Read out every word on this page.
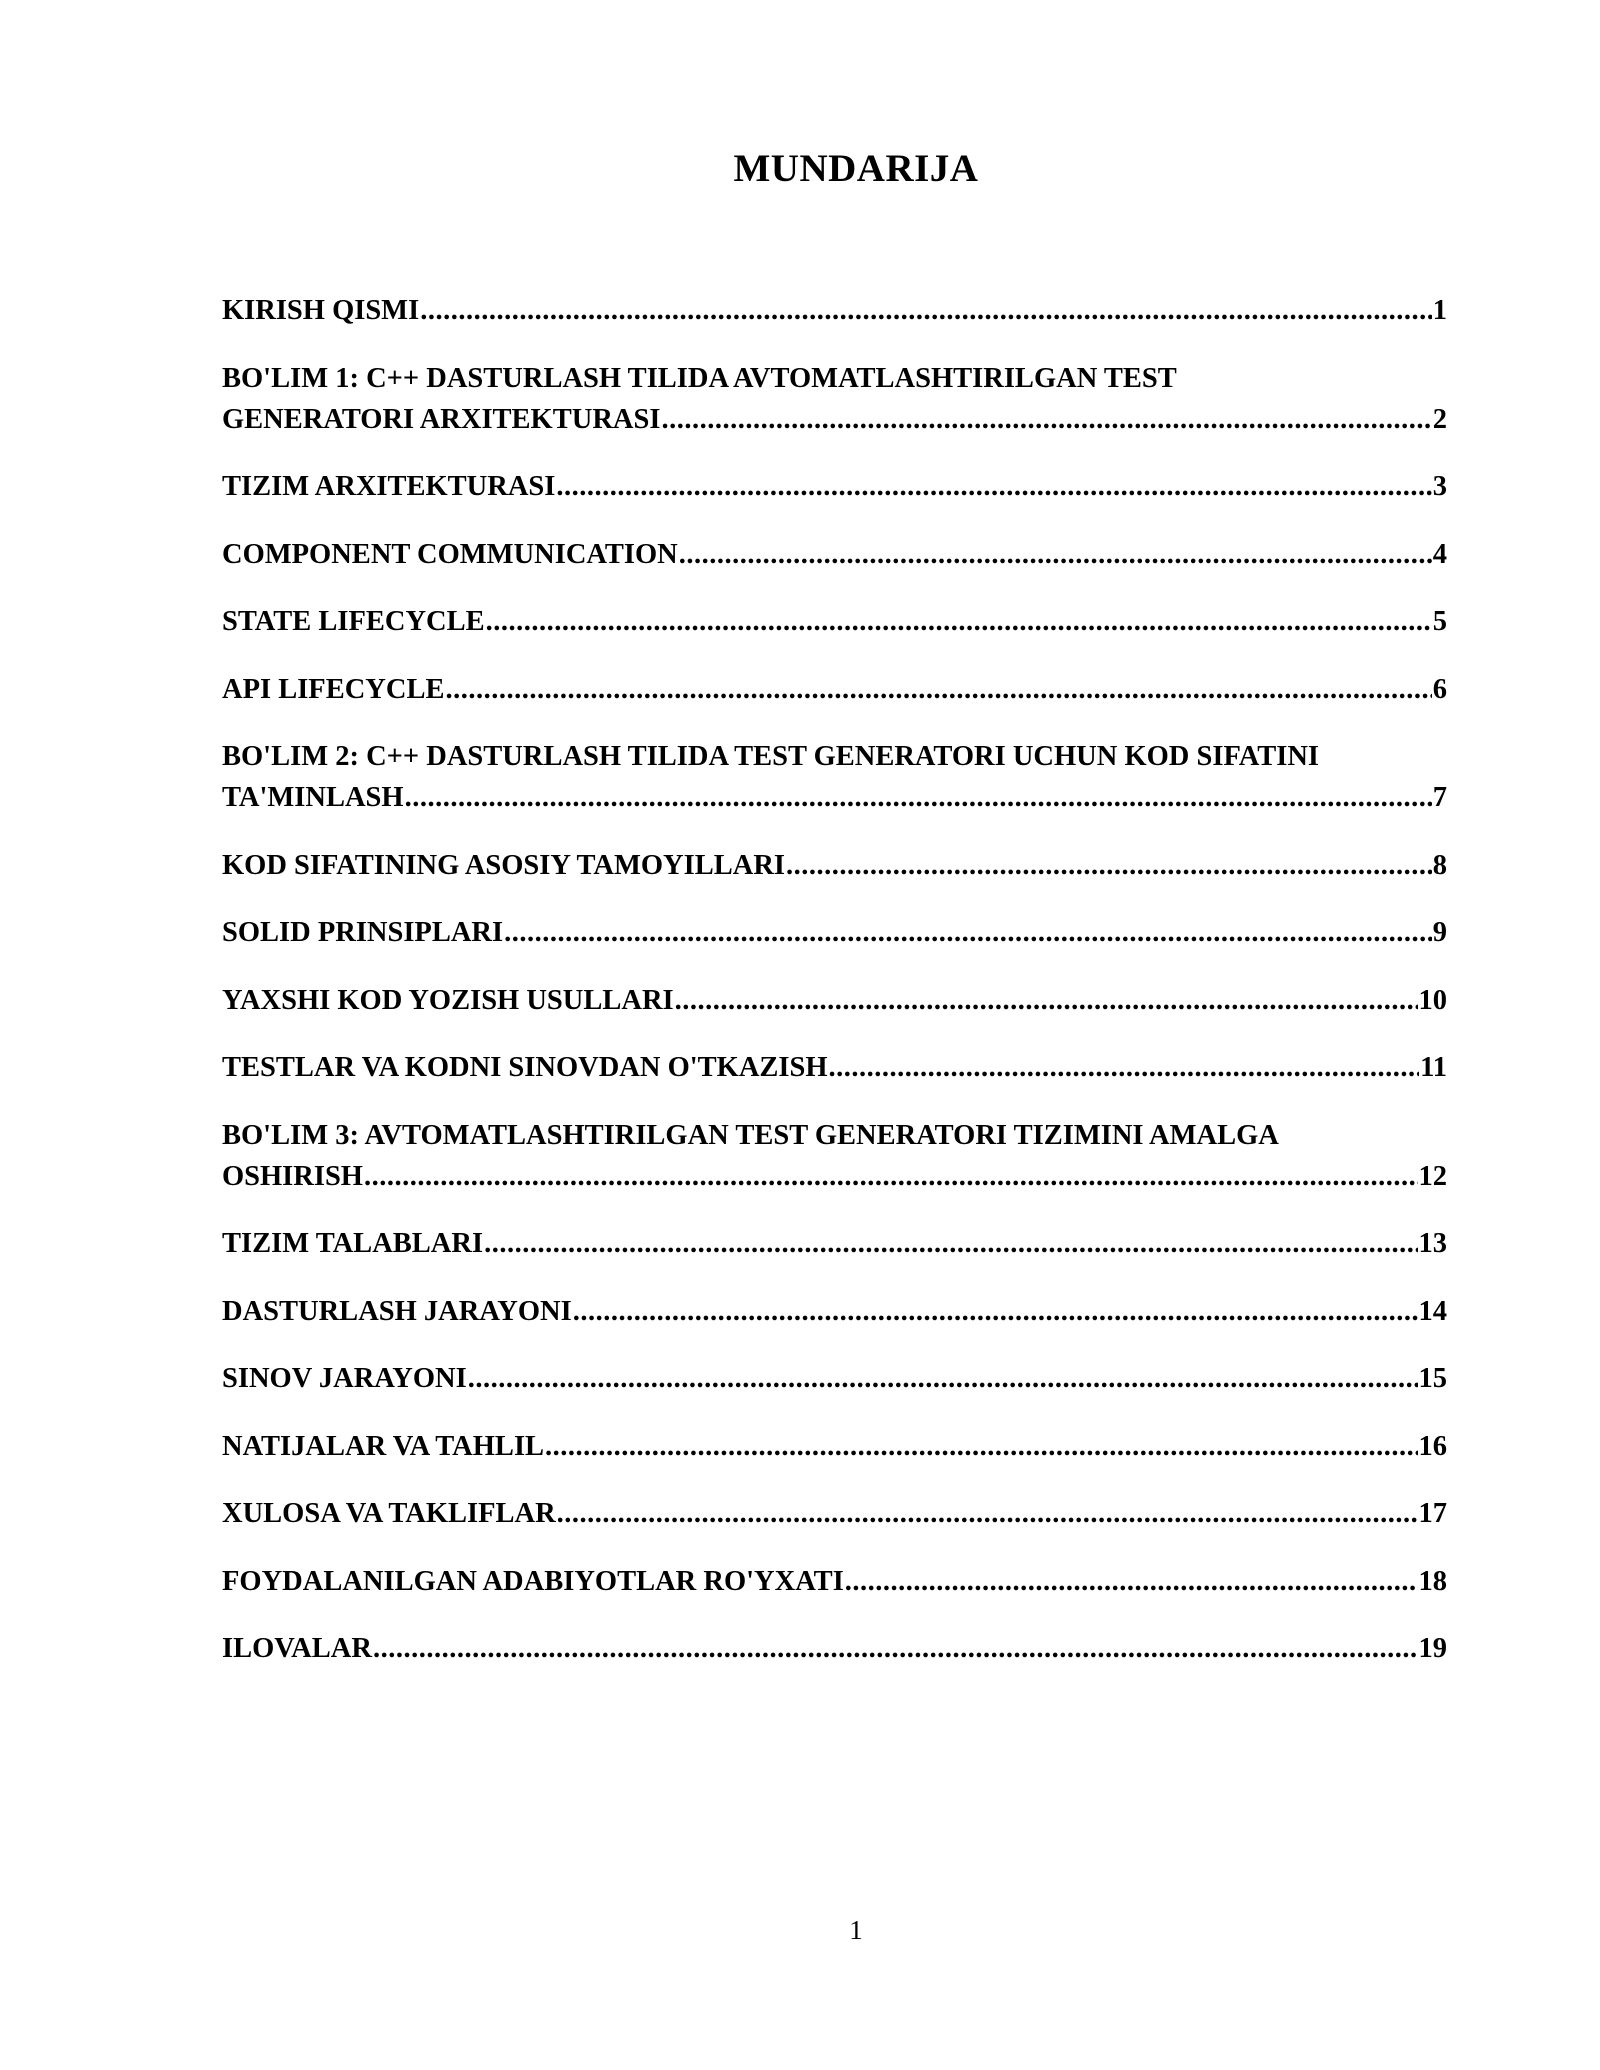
MUNDARIJA
KIRISH QISMI .....	1
BO'LIM 1: C++ DASTURLASH TILIDA AVTOMATLASHTIRILGAN TEST
GENERATORI ARXITEKTURASI .....	2
TIZIM ARXITEKTURASI .....	3
COMPONENT COMMUNICATION .....	4
STATE LIFECYCLE .....	5
API LIFECYCLE .....	6
BO'LIM 2: C++ DASTURLASH TILIDA TEST GENERATORI UCHUN KOD SIFATINI
TA'MINLASH .....	7
KOD SIFATINING ASOSIY TAMOYILLARI .....	8
SOLID PRINSIPLARI .....	9
YAXSHI KOD YOZISH USULLARI .....	10
TESTLAR VA KODNI SINOVDAN O'TKAZISH .....	11
BO'LIM 3: AVTOMATLASHTIRILGAN TEST GENERATORI TIZIMINI AMALGA
OSHIRISH .....	12
TIZIM TALABLARI .....	13
DASTURLASH JARAYONI .....	14
SINOV JARAYONI .....	15
NATIJALAR VA TAHLIL .....	16
XULOSA VA TAKLIFLAR .....	17
FOYDALANILGAN ADABIYOTLAR RO'YXATI .....	18
ILOVALAR .....	19
1
